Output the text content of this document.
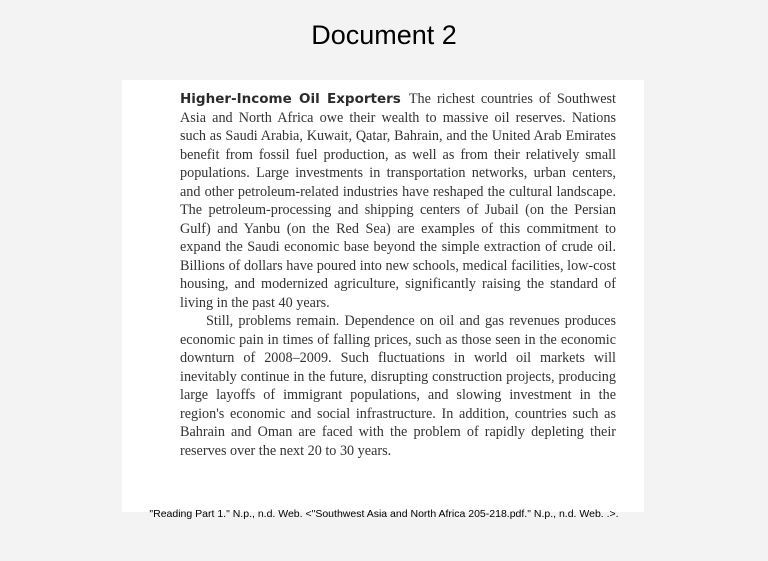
Document 2

Higher-Income Oil Exporters The richest countries of Southwest Asia and North Africa owe their wealth to massive oil reserves. Nations such as Saudi Arabia, Kuwait, Qatar, Bahrain, and the United Arab Emirates benefit from fossil fuel production, as well as from their relatively small populations. Large investments in transportation networks, urban centers, and other petroleum-related industries have reshaped the cultural landscape. The petroleum-processing and shipping centers of Jubail (on the Persian Gulf) and Yanbu (on the Red Sea) are examples of this commitment to expand the Saudi economic base beyond the simple extraction of crude oil. Billions of dollars have poured into new schools, medical facilities, low-cost housing, and modernized agriculture, significantly raising the standard of living in the past 40 years.

Still, problems remain. Dependence on oil and gas revenues produces economic pain in times of falling prices, such as those seen in the economic downturn of 2008–2009. Such fluctuations in world oil markets will inevitably continue in the future, disrupting construction projects, producing large layoffs of immigrant populations, and slowing investment in the region's economic and social infrastructure. In addition, countries such as Bahrain and Oman are faced with the problem of rapidly depleting their reserves over the next 20 to 30 years.

"Reading Part 1." N.p., n.d. Web. <"Southwest Asia and North Africa 205-218.pdf." N.p., n.d. Web. .>.
